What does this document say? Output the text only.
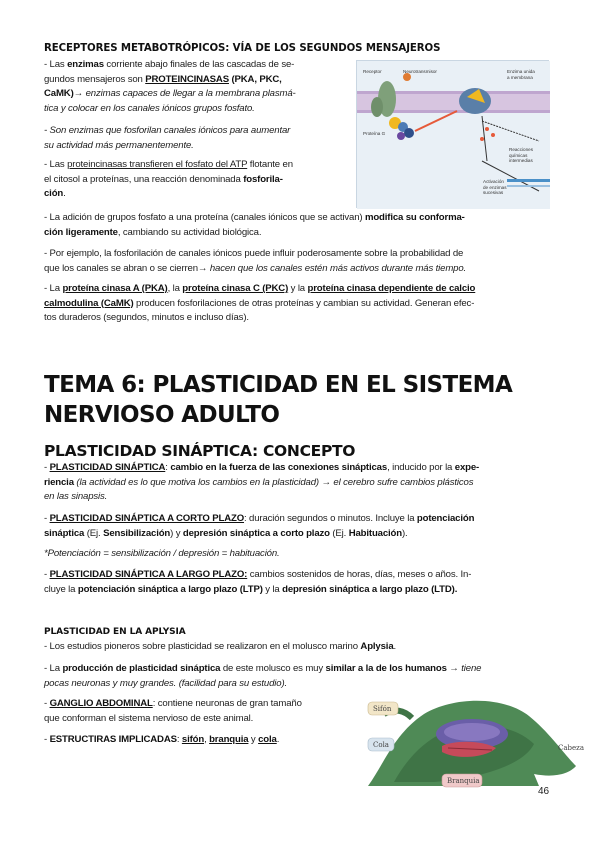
RECEPTORES METABOTRÓPICOS: VÍA DE LOS SEGUNDOS MENSAJEROS
- Las enzimas corriente abajo finales de las cascadas de se-
gundos mensajeros son PROTEINCINASAS (PKA, PKC,
CaMK)→ enzimas capaces de llegar a la membrana plasmá-
tica y colocar en los canales iónicos grupos fosfato.
- Son enzimas que fosforilan canales iónicos para aumentar
su actividad más permanentemente.
- Las proteincinasas transfieren el fosfato del ATP flotante en
el citosol a proteínas, una reacción denominada fosforila-
ción.
Receptor	Neurotransmisor	Enzima unida
a membrana
Proteína G
Reacciones
químicas
intermedias
Activación
de enzimas
sucesivas
- La adición de grupos fosfato a una proteína (canales iónicos que se activan) modifica su conforma-
ción ligeramente, cambiando su actividad biológica.
- Por ejemplo, la fosforilación de canales iónicos puede influir poderosamente sobre la probabilidad de
que los canales se abran o se cierren→ hacen que los canales estén más activos durante más tiempo.
- La proteína cinasa A (PKA), la proteína cinasa C (PKC) y la proteína cinasa dependiente de calcio
calmodulina (CaMK) producen fosforilaciones de otras proteínas y cambian su actividad. Generan efec-
tos duraderos (segundos, minutos e incluso días).
TEMA 6: PLASTICIDAD EN EL SISTEMA
NERVIOSO ADULTO
PLASTICIDAD SINÁPTICA: CONCEPTO
- PLASTICIDAD SINÁPTICA: cambio en la fuerza de las conexiones sinápticas, inducido por la expe-
riencia (la actividad es lo que motiva los cambios en la plasticidad) → el cerebro sufre cambios plásticos
en las sinapsis.
- PLASTICIDAD SINÁPTICA A CORTO PLAZO: duración segundos o minutos. Incluye la potenciación
sináptica (Ej. Sensibilización) y depresión sináptica a corto plazo (Ej. Habituación).
*Potenciación = sensibilización / depresión = habituación.
- PLASTICIDAD SINÁPTICA A LARGO PLAZO: cambios sostenidos de horas, días, meses o años. In-
cluye la potenciación sináptica a largo plazo (LTP) y la depresión sináptica a largo plazo (LTD).
PLASTICIDAD EN LA APLYSIA
- Los estudios pioneros sobre plasticidad se realizaron en el molusco marino Aplysia.
- La producción de plasticidad sináptica de este molusco es muy similar a la de los humanos → tiene
pocas neuronas y muy grandes. (facilidad para su estudio).
- GANGLIO ABDOMINAL: contiene neuronas de gran tamaño
que conforman el sistema nervioso de este animal.
- ESTRUCTIRAS IMPLICADAS: sifón, branquia y cola.
Sifón
Cola
Branquia
Cabeza
46
